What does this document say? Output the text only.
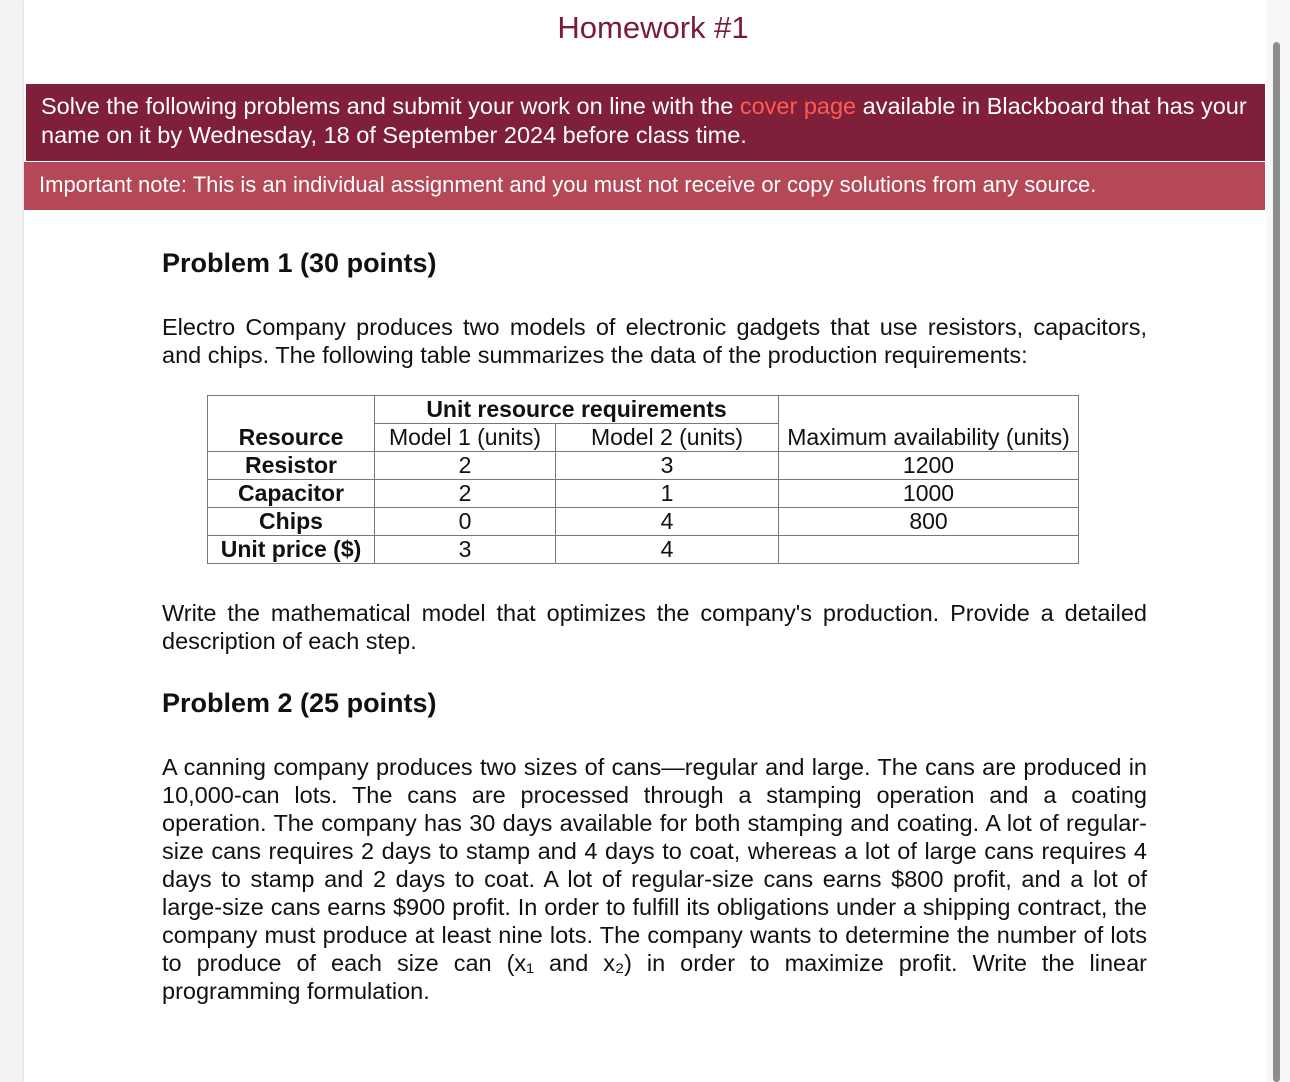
Homework #1
Solve the following problems and submit your work on line with the cover page available in Blackboard that has your name on it by Wednesday, 18 of September 2024 before class time.
Important note: This is an individual assignment and you must not receive or copy solutions from any source.
Problem 1 (30 points)
Electro Company produces two models of electronic gadgets that use resistors, capacitors, and chips. The following table summarizes the data of the production requirements:
	Unit resource requirements		
Resource	Model 1 (units)	Model 2 (units)	Maximum availability (units)
Resistor	2	3	1200
Capacitor	2	1	1000
Chips	0	4	800
Unit price ($)	3	4	
Write the mathematical model that optimizes the company's production. Provide a detailed description of each step.
Problem 2 (25 points)
A canning company produces two sizes of cans—regular and large. The cans are produced in 10,000-can lots. The cans are processed through a stamping operation and a coating operation. The company has 30 days available for both stamping and coating. A lot of regular-size cans requires 2 days to stamp and 4 days to coat, whereas a lot of large cans requires 4 days to stamp and 2 days to coat. A lot of regular-size cans earns $800 profit, and a lot of large-size cans earns $900 profit. In order to fulfill its obligations under a shipping contract, the company must produce at least nine lots. The company wants to determine the number of lots to produce of each size can (x₁ and x₂) in order to maximize profit. Write the linear programming formulation.
